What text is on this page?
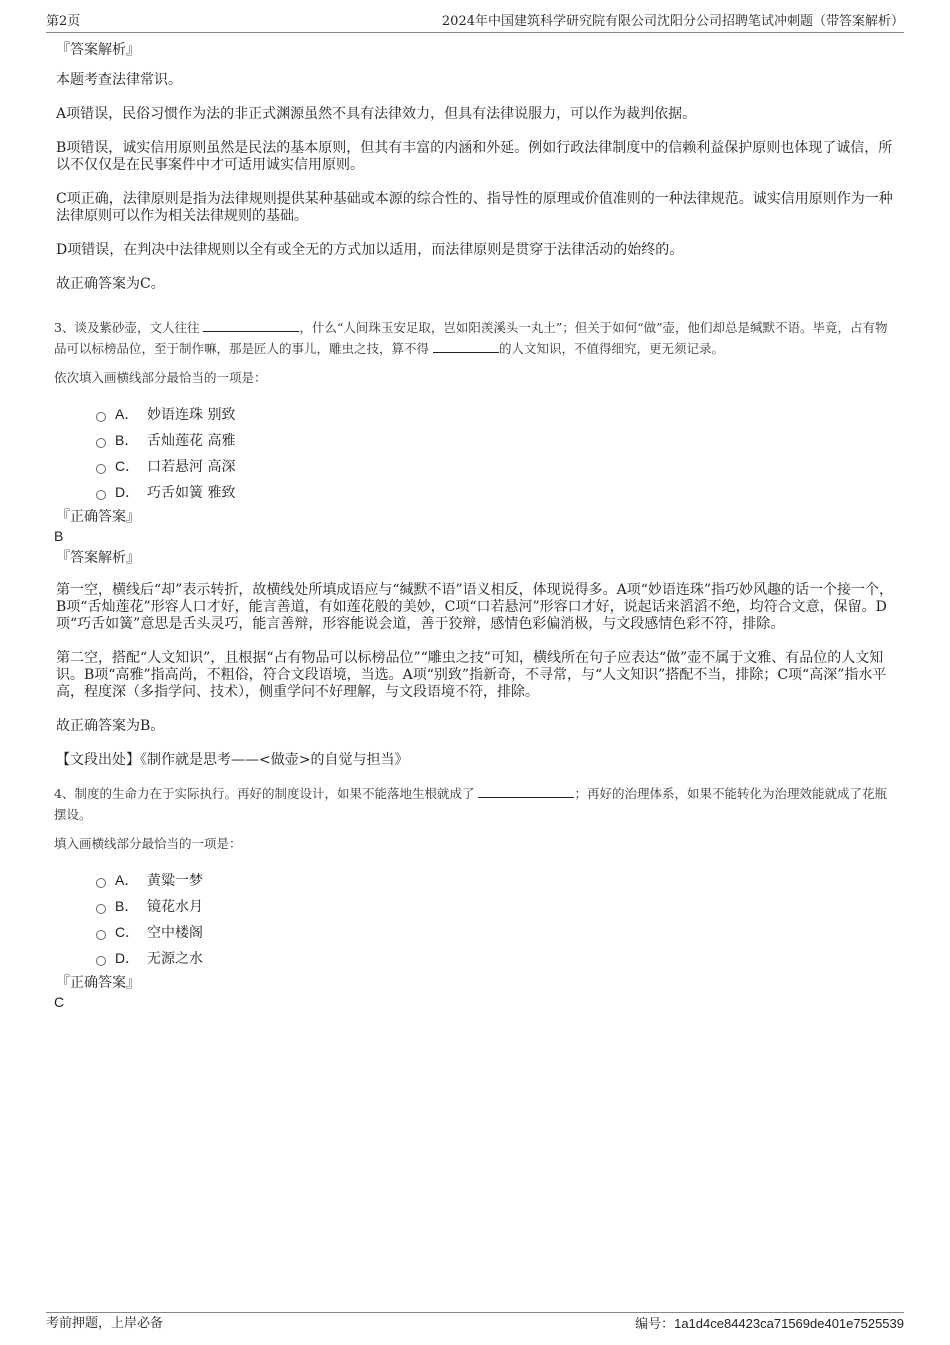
第2页	2024年中国建筑科学研究院有限公司沈阳分公司招聘笔试冲刺题（带答案解析）

『答案解析』

本题考查法律常识。

A项错误，民俗习惯作为法的非正式渊源虽然不具有法律效力，但具有法律说服力，可以作为裁判依据。

B项错误，诚实信用原则虽然是民法的基本原则，但其有丰富的内涵和外延。例如行政法律制度中的信赖利益保护原则也体现了诚信，所以不仅仅是在民事案件中才可适用诚实信用原则。

C项正确，法律原则是指为法律规则提供某种基础或本源的综合性的、指导性的原理或价值准则的一种法律规范。诚实信用原则作为一种法律原则可以作为相关法律规则的基础。

D项错误，在判决中法律规则以全有或全无的方式加以适用，而法律原则是贯穿于法律活动的始终的。

故正确答案为C。

3、谈及紫砂壶，文人往往	，什么“人间珠玉安足取，岂如阳羡溪头一丸土”；但关于如何“做”壶，他们却总是缄默不语。毕竟，占有物品可以标榜品位，至于制作嘛，那是匠人的事儿，雕虫之技，算不得	的人文知识，不值得细究，更无须记录。

依次填入画横线部分最恰当的一项是：

A． 妙语连珠 别致
B． 舌灿莲花 高雅
C． 口若悬河 高深
D． 巧舌如簧 雅致

『正确答案』

B

『答案解析』

第一空，横线后“却”表示转折，故横线处所填成语应与“缄默不语”语义相反，体现说得多。A项“妙语连珠”指巧妙风趣的话一个接一个，B项“舌灿莲花”形容人口才好，能言善道，有如莲花般的美妙，C项“口若悬河”形容口才好，说起话来滔滔不绝，均符合文意，保留。D项“巧舌如簧”意思是舌头灵巧，能言善辩，形容能说会道，善于狡辩，感情色彩偏消极，与文段感情色彩不符，排除。

第二空，搭配“人文知识”，且根据“占有物品可以标榜品位”“雕虫之技”可知，横线所在句子应表达“做”壶不属于文雅、有品位的人文知识。B项“高雅”指高尚，不粗俗，符合文段语境，当选。A项“别致”指新奇，不寻常，与“人文知识”搭配不当，排除；C项“高深”指水平高，程度深（多指学问、技术），侧重学问不好理解，与文段语境不符，排除。

故正确答案为B。

【文段出处】《制作就是思考——<做壶>的自觉与担当》

4、制度的生命力在于实际执行。再好的制度设计，如果不能落地生根就成了	；再好的治理体系，如果不能转化为治理效能就成了花瓶摆设。

填入画横线部分最恰当的一项是：

A． 黄粱一梦
B． 镜花水月
C． 空中楼阁
D． 无源之水

『正确答案』

C

考前押题，上岸必备	编号：1a1d4ce84423ca71569de401e7525539
